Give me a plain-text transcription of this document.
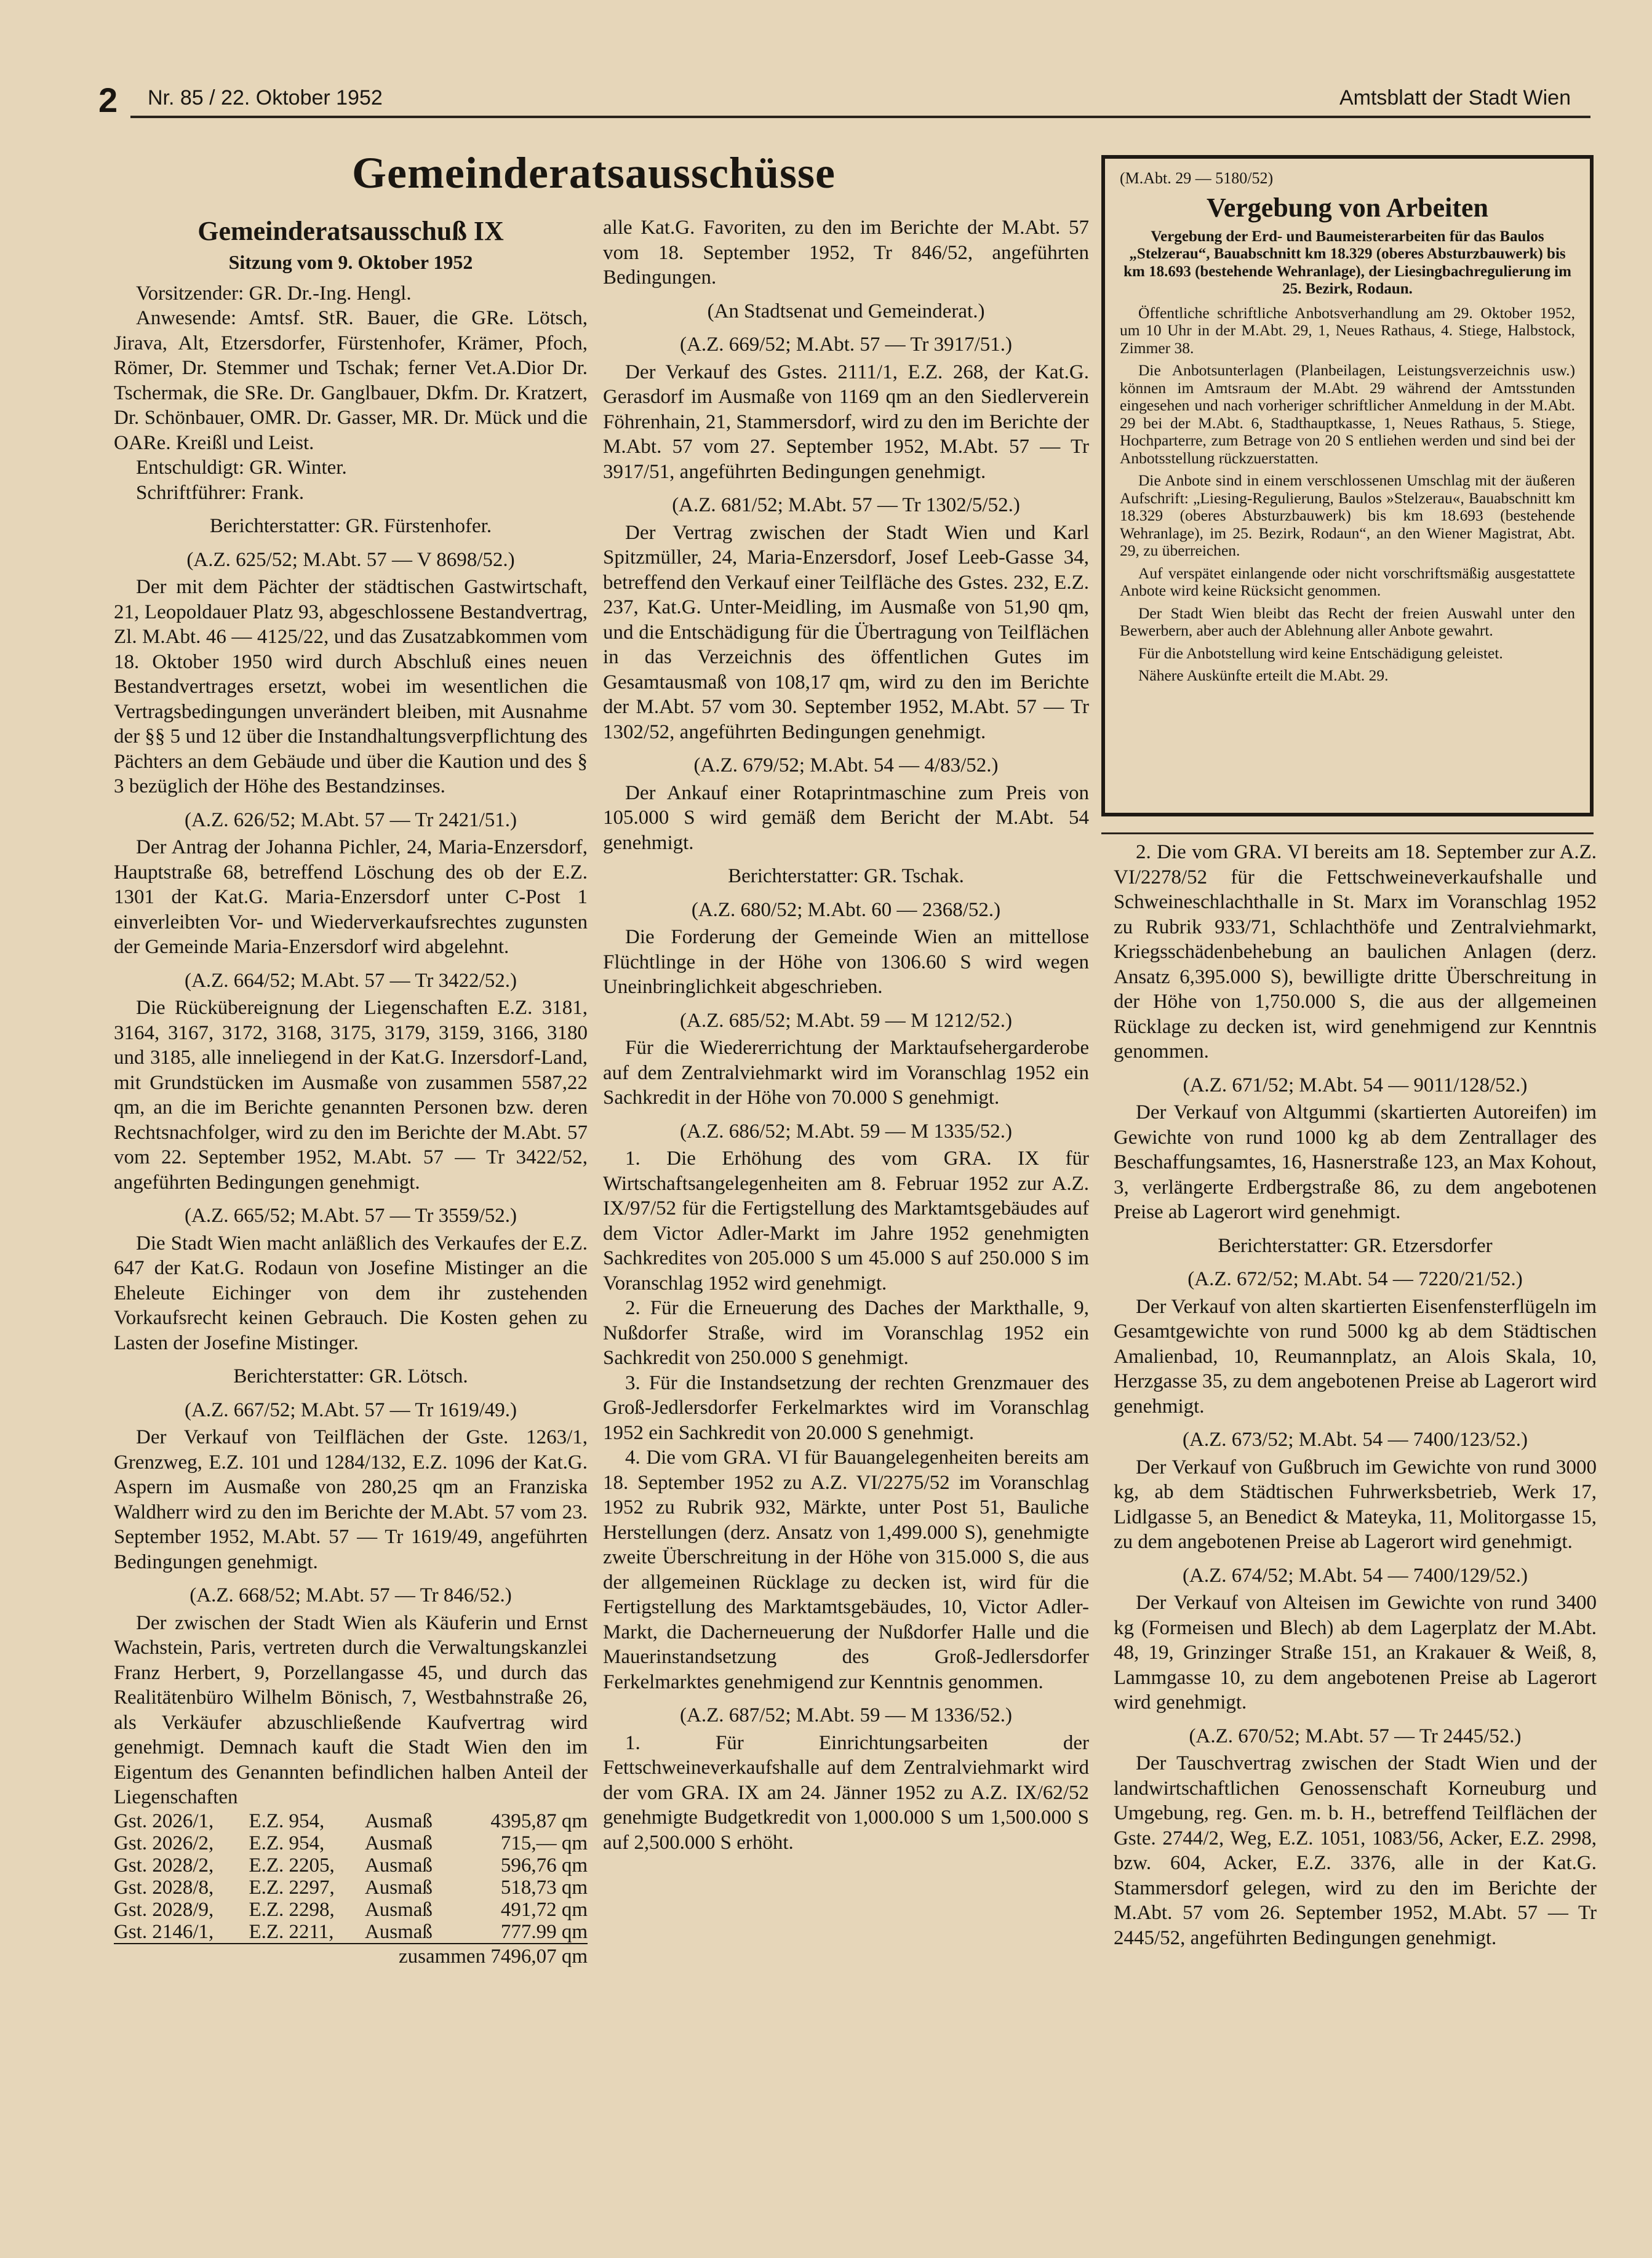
2 Nr. 85 / 22. Oktober 1952	Amtsblatt der Stadt Wien
Gemeinderatsausschüsse

Gemeinderatsausschuß IX

Sitzung vom 9. Oktober 1952

Vorsitzender: GR. Dr.-Ing. Hengl.

Anwesende: Amtsf. StR. Bauer, die GRe. Lötsch, Jirava, Alt, Etzersdorfer, Fürstenhofer, Krämer, Pfoch, Römer, Dr. Stemmer und Tschak; ferner Vet.A.Dior Dr. Tschermak, die SRe. Dr. Ganglbauer, Dkfm. Dr. Kratzert, Dr. Schönbauer, OMR. Dr. Gasser, MR. Dr. Mück und die OARe. Kreißl und Leist.

Entschuldigt: GR. Winter.

Schriftführer: Frank.

Berichterstatter: GR. Fürstenhofer.

(A.Z. 625/52; M.Abt. 57 — V 8698/52.)

Der mit dem Pächter der städtischen Gastwirtschaft, 21, Leopoldauer Platz 93, abgeschlossene Bestandvertrag, Zl. M.Abt. 46 — 4125/22, und das Zusatzabkommen vom 18. Oktober 1950 wird durch Abschluß eines neuen Bestandvertrages ersetzt, wobei im wesentlichen die Vertragsbedingungen unverändert bleiben, mit Ausnahme der §§ 5 und 12 über die Instandhaltungsverpflichtung des Pächters an dem Gebäude und über die Kaution und des § 3 bezüglich der Höhe des Bestandzinses.

(A.Z. 626/52; M.Abt. 57 — Tr 2421/51.)

Der Antrag der Johanna Pichler, 24, Maria-Enzersdorf, Hauptstraße 68, betreffend Löschung des ob der E.Z. 1301 der Kat.G. Maria-Enzersdorf unter C-Post 1 einverleibten Vor- und Wiederverkaufsrechtes zugunsten der Gemeinde Maria-Enzersdorf wird abgelehnt.

(A.Z. 664/52; M.Abt. 57 — Tr 3422/52.)

Die Rückübereignung der Liegenschaften E.Z. 3181, 3164, 3167, 3172, 3168, 3175, 3179, 3159, 3166, 3180 und 3185, alle inneliegend in der Kat.G. Inzersdorf-Land, mit Grundstücken im Ausmaße von zusammen 5587,22 qm, an die im Berichte genannten Personen bzw. deren Rechtsnachfolger, wird zu den im Berichte der M.Abt. 57 vom 22. September 1952, M.Abt. 57 — Tr 3422/52, angeführten Bedingungen genehmigt.

(A.Z. 665/52; M.Abt. 57 — Tr 3559/52.)

Die Stadt Wien macht anläßlich des Verkaufes der E.Z. 647 der Kat.G. Rodaun von Josefine Mistinger an die Eheleute Eichinger von dem ihr zustehenden Vorkaufsrecht keinen Gebrauch. Die Kosten gehen zu Lasten der Josefine Mistinger.

Berichterstatter: GR. Lötsch.

(A.Z. 667/52; M.Abt. 57 — Tr 1619/49.)

Der Verkauf von Teilflächen der Gste. 1263/1, Grenzweg, E.Z. 101 und 1284/132, E.Z. 1096 der Kat.G. Aspern im Ausmaße von 280,25 qm an Franziska Waldherr wird zu den im Berichte der M.Abt. 57 vom 23. September 1952, M.Abt. 57 — Tr 1619/49, angeführten Bedingungen genehmigt.

(A.Z. 668/52; M.Abt. 57 — Tr 846/52.)

Der zwischen der Stadt Wien als Käuferin und Ernst Wachstein, Paris, vertreten durch die Verwaltungskanzlei Franz Herbert, 9, Porzellangasse 45, und durch das Realitätenbüro Wilhelm Bönisch, 7, Westbahnstraße 26, als Verkäufer abzuschließende Kaufvertrag wird genehmigt. Demnach kauft die Stadt Wien den im Eigentum des Genannten befindlichen halben Anteil der Liegenschaften

Gst. 2026/1,	E.Z. 954,	Ausmaß	4395,87 qm
Gst. 2026/2,	E.Z. 954,	Ausmaß	715,— qm
Gst. 2028/2,	E.Z. 2205,	Ausmaß	596,76 qm
Gst. 2028/8,	E.Z. 2297,	Ausmaß	518,73 qm
Gst. 2028/9,	E.Z. 2298,	Ausmaß	491,72 qm
Gst. 2146/1,	E.Z. 2211,	Ausmaß	777.99 qm

zusammen 7496,07 qm

alle Kat.G. Favoriten, zu den im Berichte der M.Abt. 57 vom 18. September 1952, Tr 846/52, angeführten Bedingungen.

(An Stadtsenat und Gemeinderat.)

(A.Z. 669/52; M.Abt. 57 — Tr 3917/51.)

Der Verkauf des Gstes. 2111/1, E.Z. 268, der Kat.G. Gerasdorf im Ausmaße von 1169 qm an den Siedlerverein Föhrenhain, 21, Stammersdorf, wird zu den im Berichte der M.Abt. 57 vom 27. September 1952, M.Abt. 57 — Tr 3917/51, angeführten Bedingungen genehmigt.

(A.Z. 681/52; M.Abt. 57 — Tr 1302/5/52.)

Der Vertrag zwischen der Stadt Wien und Karl Spitzmüller, 24, Maria-Enzersdorf, Josef Leeb-Gasse 34, betreffend den Verkauf einer Teilfläche des Gstes. 232, E.Z. 237, Kat.G. Unter-Meidling, im Ausmaße von 51,90 qm, und die Entschädigung für die Übertragung von Teilflächen in das Verzeichnis des öffentlichen Gutes im Gesamtausmaß von 108,17 qm, wird zu den im Berichte der M.Abt. 57 vom 30. September 1952, M.Abt. 57 — Tr 1302/52, angeführten Bedingungen genehmigt.

(A.Z. 679/52; M.Abt. 54 — 4/83/52.)

Der Ankauf einer Rotaprintmaschine zum Preis von 105.000 S wird gemäß dem Bericht der M.Abt. 54 genehmigt.

Berichterstatter: GR. Tschak.

(A.Z. 680/52; M.Abt. 60 — 2368/52.)

Die Forderung der Gemeinde Wien an mittellose Flüchtlinge in der Höhe von 1306.60 S wird wegen Uneinbringlichkeit abgeschrieben.

(A.Z. 685/52; M.Abt. 59 — M 1212/52.)

Für die Wiedererrichtung der Marktaufsehergarderobe auf dem Zentralviehmarkt wird im Voranschlag 1952 ein Sachkredit in der Höhe von 70.000 S genehmigt.

(A.Z. 686/52; M.Abt. 59 — M 1335/52.)

1. Die Erhöhung des vom GRA. IX für Wirtschaftsangelegenheiten am 8. Februar 1952 zur A.Z. IX/97/52 für die Fertigstellung des Marktamtsgebäudes auf dem Victor Adler-Markt im Jahre 1952 genehmigten Sachkredites von 205.000 S um 45.000 S auf 250.000 S im Voranschlag 1952 wird genehmigt.

2. Für die Erneuerung des Daches der Markthalle, 9, Nußdorfer Straße, wird im Voranschlag 1952 ein Sachkredit von 250.000 S genehmigt.

3. Für die Instandsetzung der rechten Grenzmauer des Groß-Jedlersdorfer Ferkelmarktes wird im Voranschlag 1952 ein Sachkredit von 20.000 S genehmigt.

4. Die vom GRA. VI für Bauangelegenheiten bereits am 18. September 1952 zu A.Z. VI/2275/52 im Voranschlag 1952 zu Rubrik 932, Märkte, unter Post 51, Bauliche Herstellungen (derz. Ansatz von 1,499.000 S), genehmigte zweite Überschreitung in der Höhe von 315.000 S, die aus der allgemeinen Rücklage zu decken ist, wird für die Fertigstellung des Marktamtsgebäudes, 10, Victor Adler-Markt, die Dacherneuerung der Nußdorfer Halle und die Mauerinstandsetzung des Groß-Jedlersdorfer Ferkelmarktes genehmigend zur Kenntnis genommen.

(A.Z. 687/52; M.Abt. 59 — M 1336/52.)

1. Für Einrichtungsarbeiten der Fettschweineverkaufshalle auf dem Zentralviehmarkt wird der vom GRA. IX am 24. Jänner 1952 zu A.Z. IX/62/52 genehmigte Budgetkredit von 1,000.000 S um 1,500.000 S auf 2,500.000 S erhöht.

(M.Abt. 29 — 5180/52)
Vergebung von Arbeiten
Vergebung der Erd- und Baumeisterarbeiten für das Baulos „Stelzerau“, Bauabschnitt km 18.329 (oberes Absturzbauwerk) bis km 18.693 (bestehende Wehranlage), der Liesingbachregulierung im 25. Bezirk, Rodaun.

Öffentliche schriftliche Anbotsverhandlung am 29. Oktober 1952, um 10 Uhr in der M.Abt. 29, 1, Neues Rathaus, 4. Stiege, Halbstock, Zimmer 38.

Die Anbotsunterlagen (Planbeilagen, Leistungsverzeichnis usw.) können im Amtsraum der M.Abt. 29 während der Amtsstunden eingesehen und nach vorheriger schriftlicher Anmeldung in der M.Abt. 29 bei der M.Abt. 6, Stadthauptkasse, 1, Neues Rathaus, 5. Stiege, Hochparterre, zum Betrage von 20 S entliehen werden und sind bei der Anbotsstellung rückzuerstatten.

Die Anbote sind in einem verschlossenen Umschlag mit der äußeren Aufschrift: „Liesing-Regulierung, Baulos »Stelzerau«, Bauabschnitt km 18.329 (oberes Absturzbauwerk) bis km 18.693 (bestehende Wehranlage), im 25. Bezirk, Rodaun“, an den Wiener Magistrat, Abt. 29, zu überreichen.

Auf verspätet einlangende oder nicht vorschriftsmäßig ausgestattete Anbote wird keine Rücksicht genommen.

Der Stadt Wien bleibt das Recht der freien Auswahl unter den Bewerbern, aber auch der Ablehnung aller Anbote gewahrt.

Für die Anbotstellung wird keine Entschädigung geleistet.

Nähere Auskünfte erteilt die M.Abt. 29.

2. Die vom GRA. VI bereits am 18. September zur A.Z. VI/2278/52 für die Fettschweineverkaufshalle und Schweineschlachthalle in St. Marx im Voranschlag 1952 zu Rubrik 933/71, Schlachthöfe und Zentralviehmarkt, Kriegsschädenbehebung an baulichen Anlagen (derz. Ansatz 6,395.000 S), bewilligte dritte Überschreitung in der Höhe von 1,750.000 S, die aus der allgemeinen Rücklage zu decken ist, wird genehmigend zur Kenntnis genommen.

(A.Z. 671/52; M.Abt. 54 — 9011/128/52.)

Der Verkauf von Altgummi (skartierten Autoreifen) im Gewichte von rund 1000 kg ab dem Zentrallager des Beschaffungsamtes, 16, Hasnerstraße 123, an Max Kohout, 3, verlängerte Erdbergstraße 86, zu dem angebotenen Preise ab Lagerort wird genehmigt.

Berichterstatter: GR. Etzersdorfer

(A.Z. 672/52; M.Abt. 54 — 7220/21/52.)

Der Verkauf von alten skartierten Eisenfensterflügeln im Gesamtgewichte von rund 5000 kg ab dem Städtischen Amalienbad, 10, Reumannplatz, an Alois Skala, 10, Herzgasse 35, zu dem angebotenen Preise ab Lagerort wird genehmigt.

(A.Z. 673/52; M.Abt. 54 — 7400/123/52.)

Der Verkauf von Gußbruch im Gewichte von rund 3000 kg, ab dem Städtischen Fuhrwerksbetrieb, Werk 17, Lidlgasse 5, an Benedict & Mateyka, 11, Molitorgasse 15, zu dem angebotenen Preise ab Lagerort wird genehmigt.

(A.Z. 674/52; M.Abt. 54 — 7400/129/52.)

Der Verkauf von Alteisen im Gewichte von rund 3400 kg (Formeisen und Blech) ab dem Lagerplatz der M.Abt. 48, 19, Grinzinger Straße 151, an Krakauer & Weiß, 8, Lammgasse 10, zu dem angebotenen Preise ab Lagerort wird genehmigt.

(A.Z. 670/52; M.Abt. 57 — Tr 2445/52.)

Der Tauschvertrag zwischen der Stadt Wien und der landwirtschaftlichen Genossenschaft Korneuburg und Umgebung, reg. Gen. m. b. H., betreffend Teilflächen der Gste. 2744/2, Weg, E.Z. 1051, 1083/56, Acker, E.Z. 2998, bzw. 604, Acker, E.Z. 3376, alle in der Kat.G. Stammersdorf gelegen, wird zu den im Berichte der M.Abt. 57 vom 26. September 1952, M.Abt. 57 — Tr 2445/52, angeführten Bedingungen genehmigt.
